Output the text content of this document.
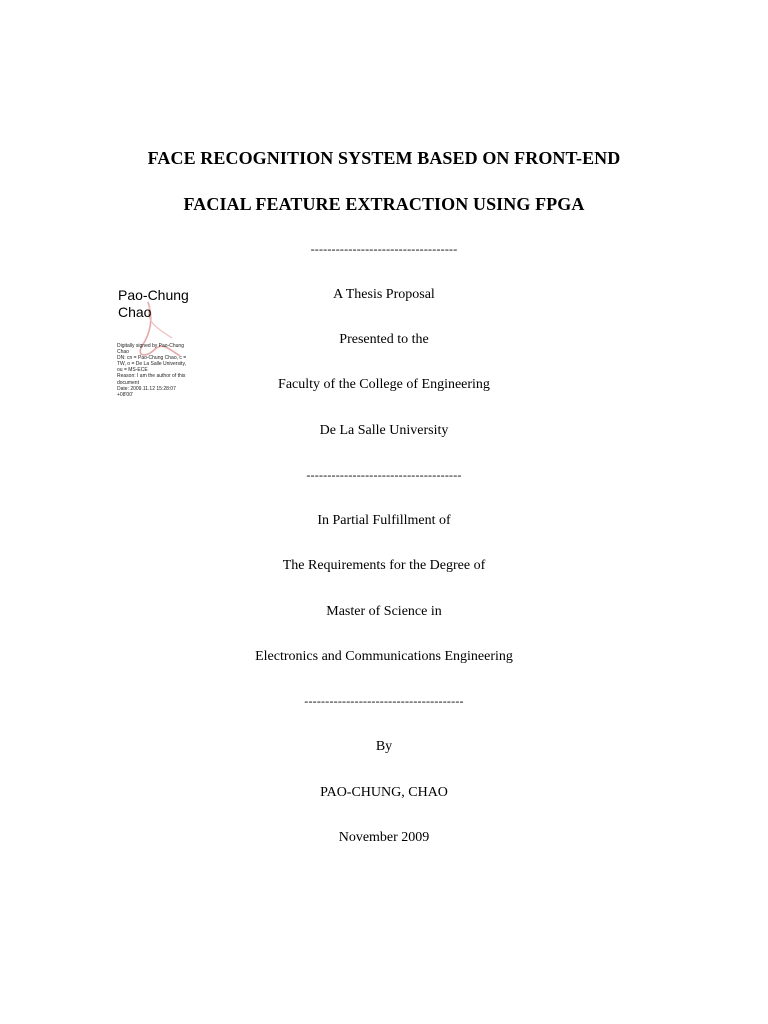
FACE RECOGNITION SYSTEM BASED ON FRONT-END
FACIAL FEATURE EXTRACTION USING FPGA
-----------------------------------
Pao-Chung
Chao
Digitally signed by Pao-Chung
Chao
DN: cn = Pao-Chung Chao, c =
TW, o = De La Salle University,
ou = MS-ECE
Reason: I am the author of this
document
Date: 2009.11.12 15:28:07
+08'00'
A Thesis Proposal
Presented to the
Faculty of the College of Engineering
De La Salle University
-------------------------------------
In Partial Fulfillment of
The Requirements for the Degree of
Master of Science in
Electronics and Communications Engineering
--------------------------------------
By
PAO-CHUNG, CHAO
November 2009
